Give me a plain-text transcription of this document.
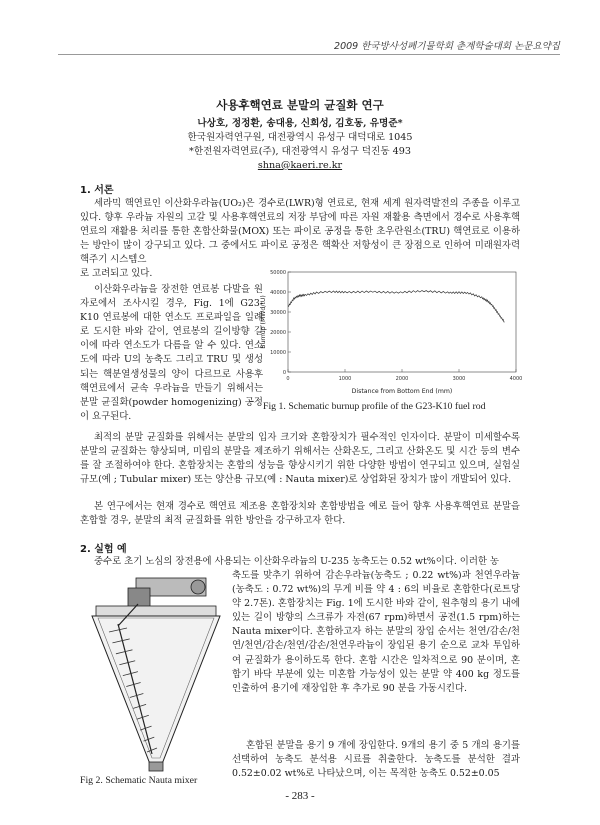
2009 한국방사성폐기물학회 춘계학술대회 논문요약집
사용후핵연료 분말의 균질화 연구
나상호, 정정환, 송대용, 신희성, 김호동, 유명준*
한국원자력연구원, 대전광역시 유성구 대덕대로 1045
*한전원자력연료(주), 대전광역시 유성구 덕진동 493
shna@kaeri.re.kr
1. 서론

세라믹 핵연료인 이산화우라늄(UO₂)은 경수로(LWR)형 연료로, 현재 세계 원자력발전의 주종을 이루고 있다. 향후 우라늄 자원의 고갈 및 사용후핵연료의 저장 부담에 따른 자원 재활용 측면에서 경수로 사용후핵연료의 재활용 처리를 통한 혼합산화물(MOX) 또는 파이로 공정을 통한 초우란원소(TRU) 핵연료로 이용하는 방안이 많이 강구되고 있다. 그 중에서도 파이로 공정은 핵확산 저항성이 큰 장점으로 인하여 미래원자력 핵주기 시스템으

로 고려되고 있다.

이산화우라늄을 장전한 연료봉 다발을 원자로에서 조사시킬 경우, Fig. 1에 G23-K10 연료봉에 대한 연소도 프로파일을 일례로 도시한 바와 같이, 연료봉의 길이방향 길이에 따라 연소도가 다름을 알 수 있다. 연소도에 따라 U의 농축도 그리고 TRU 및 생성되는 핵분열생성물의 양이 다르므로 사용후핵연료에서 균속 우라늄을 만들기 위해서는 분말 균질화(powder homogenizing) 공정이 요구된다.

0
10000
20000
30000
40000
50000
0	1000	2000	3000	4000
Distance from Bottom End (mm)
Burnup (MWd/tU)
Fig 1. Schematic burnup profile of the G23-K10 fuel rod

최적의 분말 균질화를 위해서는 분말의 입자 크기와 혼합장치가 필수적인 인자이다. 분말이 미세할수록 분말의 균질화는 향상되며, 미립의 분말을 제조하기 위해서는 산화온도, 그리고 산화온도 및 시간 등의 변수를 잘 조절하여야 한다. 혼합장치는 혼합의 성능을 향상시키기 위한 다양한 방법이 연구되고 있으며, 실험실 규모(예 ; Tubular mixer) 또는 양산용 규모(예 : Nauta mixer)로 상업화된 장치가 많이 개발되어 있다.

본 연구에서는 현재 경수로 핵연료 제조용 혼합장치와 혼합방법을 예로 들어 향후 사용후핵연료 분말을 혼합할 경우, 분말의 최적 균질화를 위한 방안을 강구하고자 한다.

2. 실험 예

중수로 초기 노심의 장전용에 사용되는 이산화우라늄의 U-235 농축도는 0.52 wt%이다. 이러한 농

축도를 맞추기 위하여 감손우라늄(농축도 ; 0.22 wt%)과 천연우라늄(농축도 : 0.72 wt%)의 무게 비를 약 4 : 6의 비율로 혼합한다(로트당 약 2.7톤). 혼합장치는 Fig. 1에 도시한 바와 같이, 원추형의 용기 내에 있는 길이 방향의 스크류가 자전(67 rpm)하면서 공전(1.5 rpm)하는 Nauta mixer이다. 혼합하고자 하는 분말의 장입 순서는 천연/감손/천연/천연/감손/천연/감손/천연우라늄이 장입된 용기 순으로 교차 투입하여 균질화가 용이하도록 한다. 혼합 시간은 일차적으로 90 분이며, 혼합기 바닥 부분에 있는 미혼합 가능성이 있는 분말 약 400 kg 정도를 인출하여 용기에 재장입한 후 추가로 90 분을 가동시킨다.

혼합된 분말을 용기 9 개에 장입한다. 9개의 용기 중 5 개의 용기를 선택하여 농축도 분석용 시료를 취출한다. 농축도를 분석한 결과 0.52±0.02 wt%로 나타났으며, 이는 목적한 농축도 0.52±0.05

Fig 2. Schematic Nauta mixer
- 283 -
